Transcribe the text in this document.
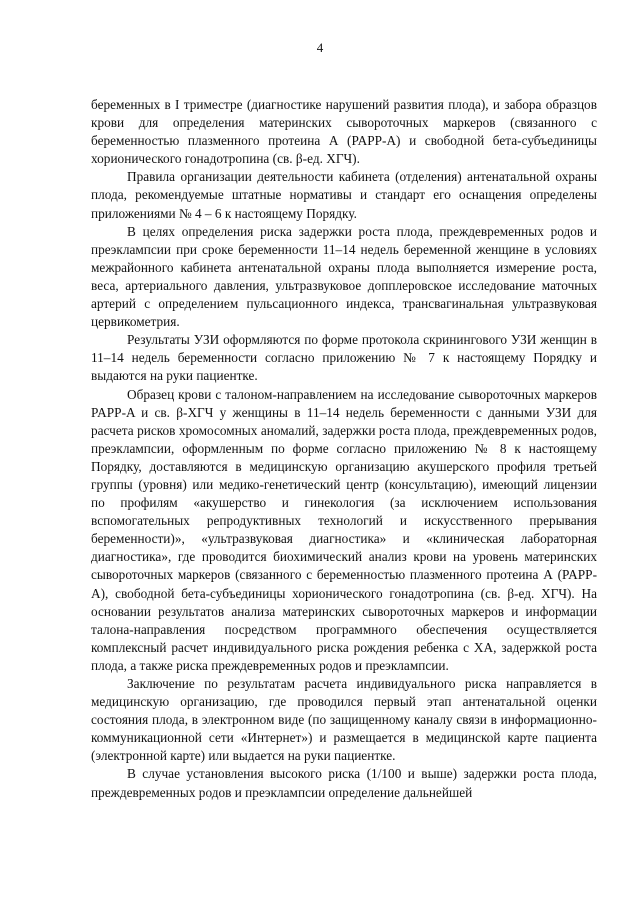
4

беременных в I триместре (диагностике нарушений развития плода), и забора образцов крови для определения материнских сывороточных маркеров (связанного с беременностью плазменного протеина А (PAPP-A) и свободной бета-субъединицы хорионического гонадотропина (св. β-ед. ХГЧ).

Правила организации деятельности кабинета (отделения) антенатальной охраны плода, рекомендуемые штатные нормативы и стандарт его оснащения определены приложениями № 4 – 6 к настоящему Порядку.

В целях определения риска задержки роста плода, преждевременных родов и преэклампсии при сроке беременности 11–14 недель беременной женщине в условиях межрайонного кабинета антенатальной охраны плода выполняется измерение роста, веса, артериального давления, ультразвуковое допплеровское исследование маточных артерий с определением пульсационного индекса, трансвагинальная ультразвуковая цервикометрия.

Результаты УЗИ оформляются по форме протокола скринингового УЗИ женщин в 11–14 недель беременности согласно приложению № 7 к настоящему Порядку и выдаются на руки пациентке.

Образец крови с талоном-направлением на исследование сывороточных маркеров PAPP-A и св. β-ХГЧ у женщины в 11–14 недель беременности с данными УЗИ для расчета рисков хромосомных аномалий, задержки роста плода, преждевременных родов, преэклампсии, оформленным по форме согласно приложению № 8 к настоящему Порядку, доставляются в медицинскую организацию акушерского профиля третьей группы (уровня) или медико-генетический центр (консультацию), имеющий лицензии по профилям «акушерство и гинекология (за исключением использования вспомогательных репродуктивных технологий и искусственного прерывания беременности)», «ультразвуковая диагностика» и «клиническая лабораторная диагностика», где проводится биохимический анализ крови на уровень материнских сывороточных маркеров (связанного с беременностью плазменного протеина А (PAPP-A), свободной бета-субъединицы хорионического гонадотропина (св. β-ед. ХГЧ). На основании результатов анализа материнских сывороточных маркеров и информации талона-направления посредством программного обеспечения осуществляется комплексный расчет индивидуального риска рождения ребенка с ХА, задержкой роста плода, а также риска преждевременных родов и преэклампсии.

Заключение по результатам расчета индивидуального риска направляется в медицинскую организацию, где проводился первый этап антенатальной оценки состояния плода, в электронном виде (по защищенному каналу связи в информационно-коммуникационной сети «Интернет») и размещается в медицинской карте пациента (электронной карте) или выдается на руки пациентке.

В случае установления высокого риска (1/100 и выше) задержки роста плода, преждевременных родов и преэклампсии определение дальнейшей
